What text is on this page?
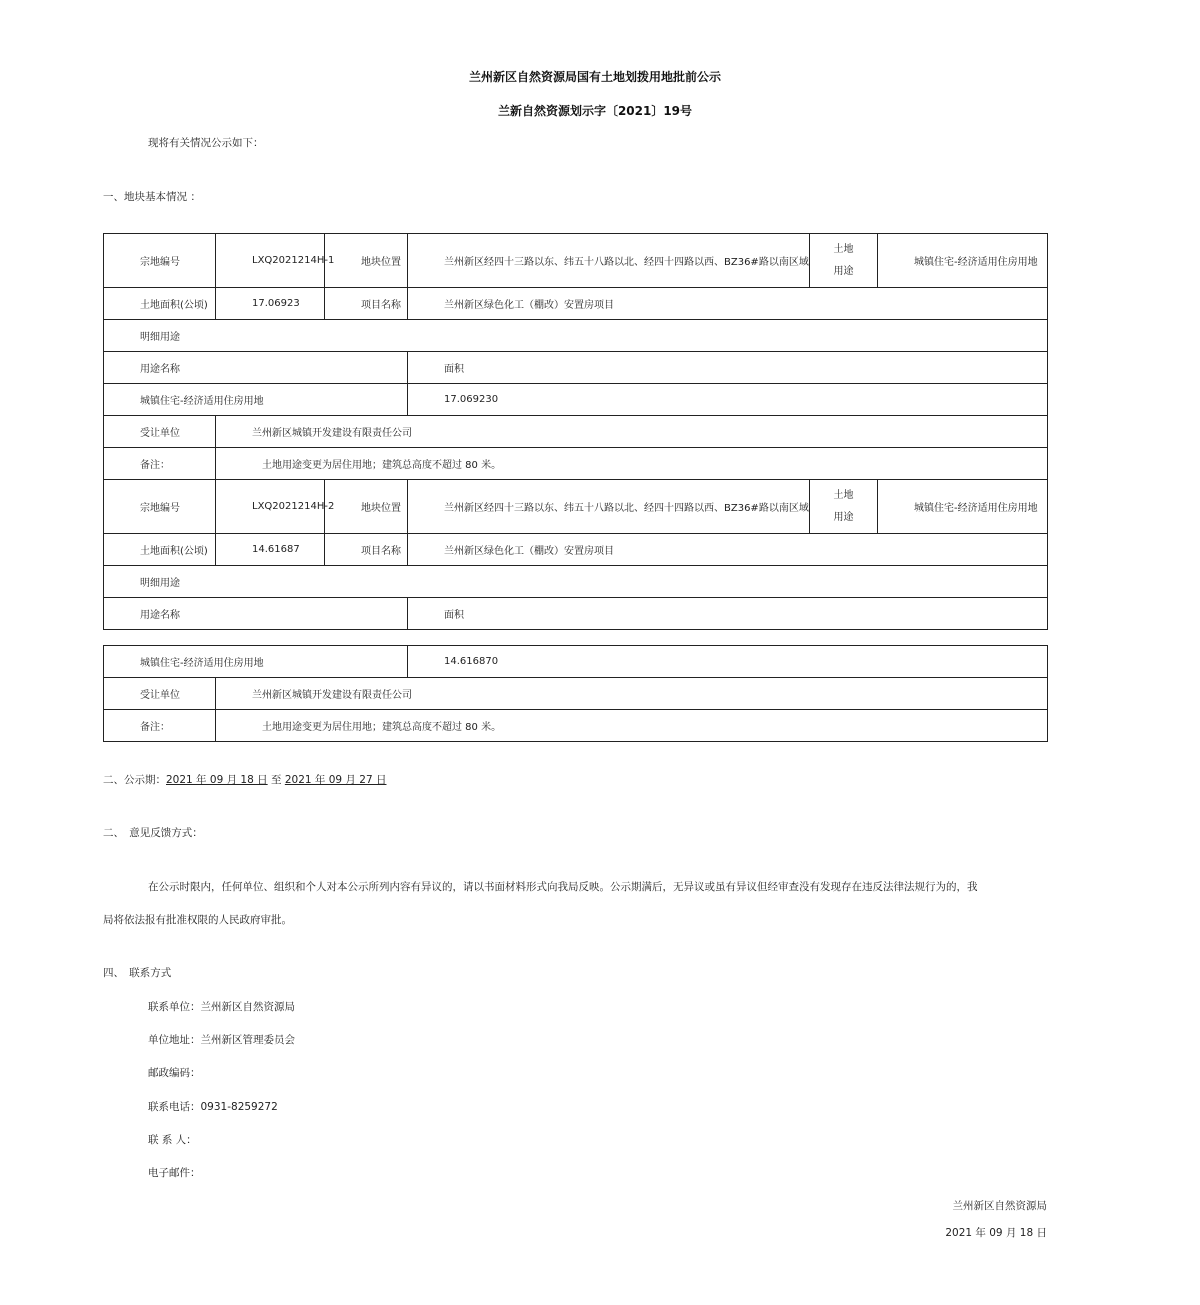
兰州新区自然资源局国有土地划拨用地批前公示
兰新自然资源划示字〔2021〕19号
现将有关情况公示如下：
一、地块基本情况 ：
宗地编号	LXQ2021214H-1	地块位置	兰州新区经四十三路以东、纬五十八路以北、经四十四路以西、BZ36#路以南区域	土地
用途	城镇住宅-经济适用住房用地
土地面积(公顷)	17.06923	项目名称	兰州新区绿色化工（棚改）安置房项目		
明细用途					
用途名称			面积		
城镇住宅-经济适用住房用地			17.069230		
受让单位	兰州新区城镇开发建设有限责任公司				
备注：	土地用途变更为居住用地；建筑总高度不超过 80 米。				
宗地编号	LXQ2021214H-2	地块位置	兰州新区经四十三路以东、纬五十八路以北、经四十四路以西、BZ36#路以南区域	土地
用途	城镇住宅-经济适用住房用地
土地面积(公顷)	14.61687	项目名称	兰州新区绿色化工（棚改）安置房项目		
明细用途					
用途名称			面积		
城镇住宅-经济适用住房用地		14.616870
受让单位	兰州新区城镇开发建设有限责任公司	
备注：	土地用途变更为居住用地；建筑总高度不超过 80 米。	
二、公示期：2021 年 09 月 18 日 至 2021 年 09 月 27 日
二、　意见反馈方式：
在公示时限内，任何单位、组织和个人对本公示所列内容有异议的，请以书面材料形式向我局反映。公示期满后，无异议或虽有异议但经审查没有发现存在违反法律法规行为的，我
局将依法报有批准权限的人民政府审批。
四、　联系方式
联系单位：兰州新区自然资源局
单位地址：兰州新区管理委员会
邮政编码：
联系电话：0931-8259272
联 系 人：
电子邮件：
兰州新区自然资源局
2021 年 09 月 18 日
